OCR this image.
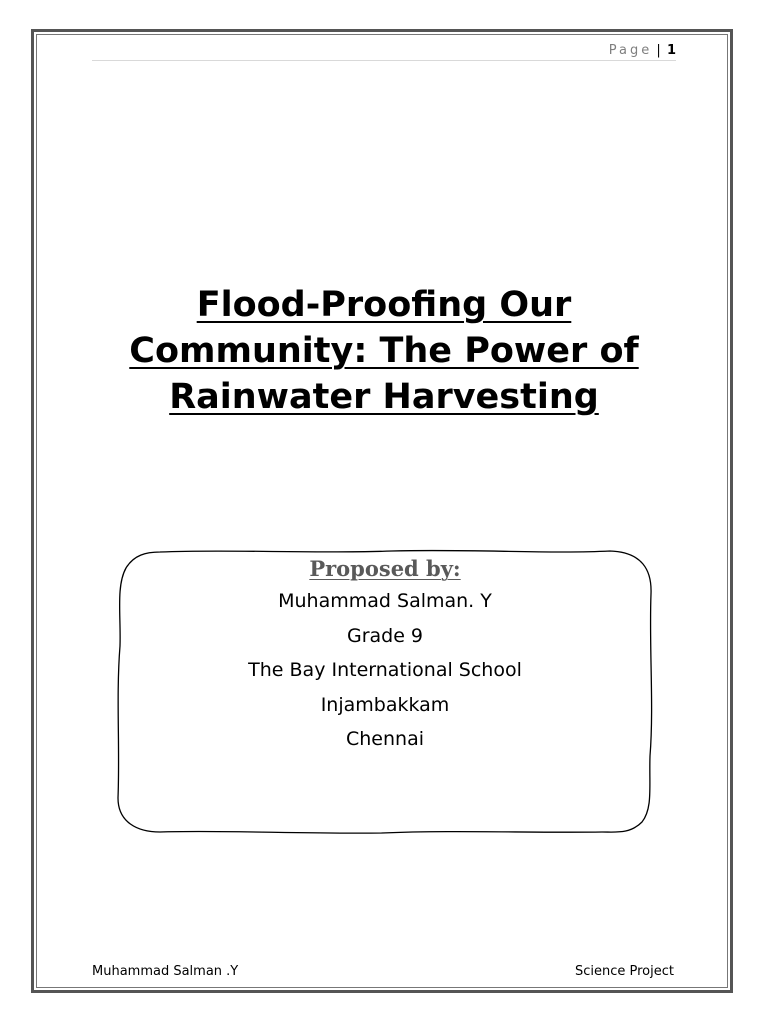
Page | 1
Flood-Proofing Our
Community: The Power of
Rainwater Harvesting
Proposed by:
Muhammad Salman. Y
Grade 9
The Bay International School
Injambakkam
Chennai
Muhammad Salman .Y	Science Project
